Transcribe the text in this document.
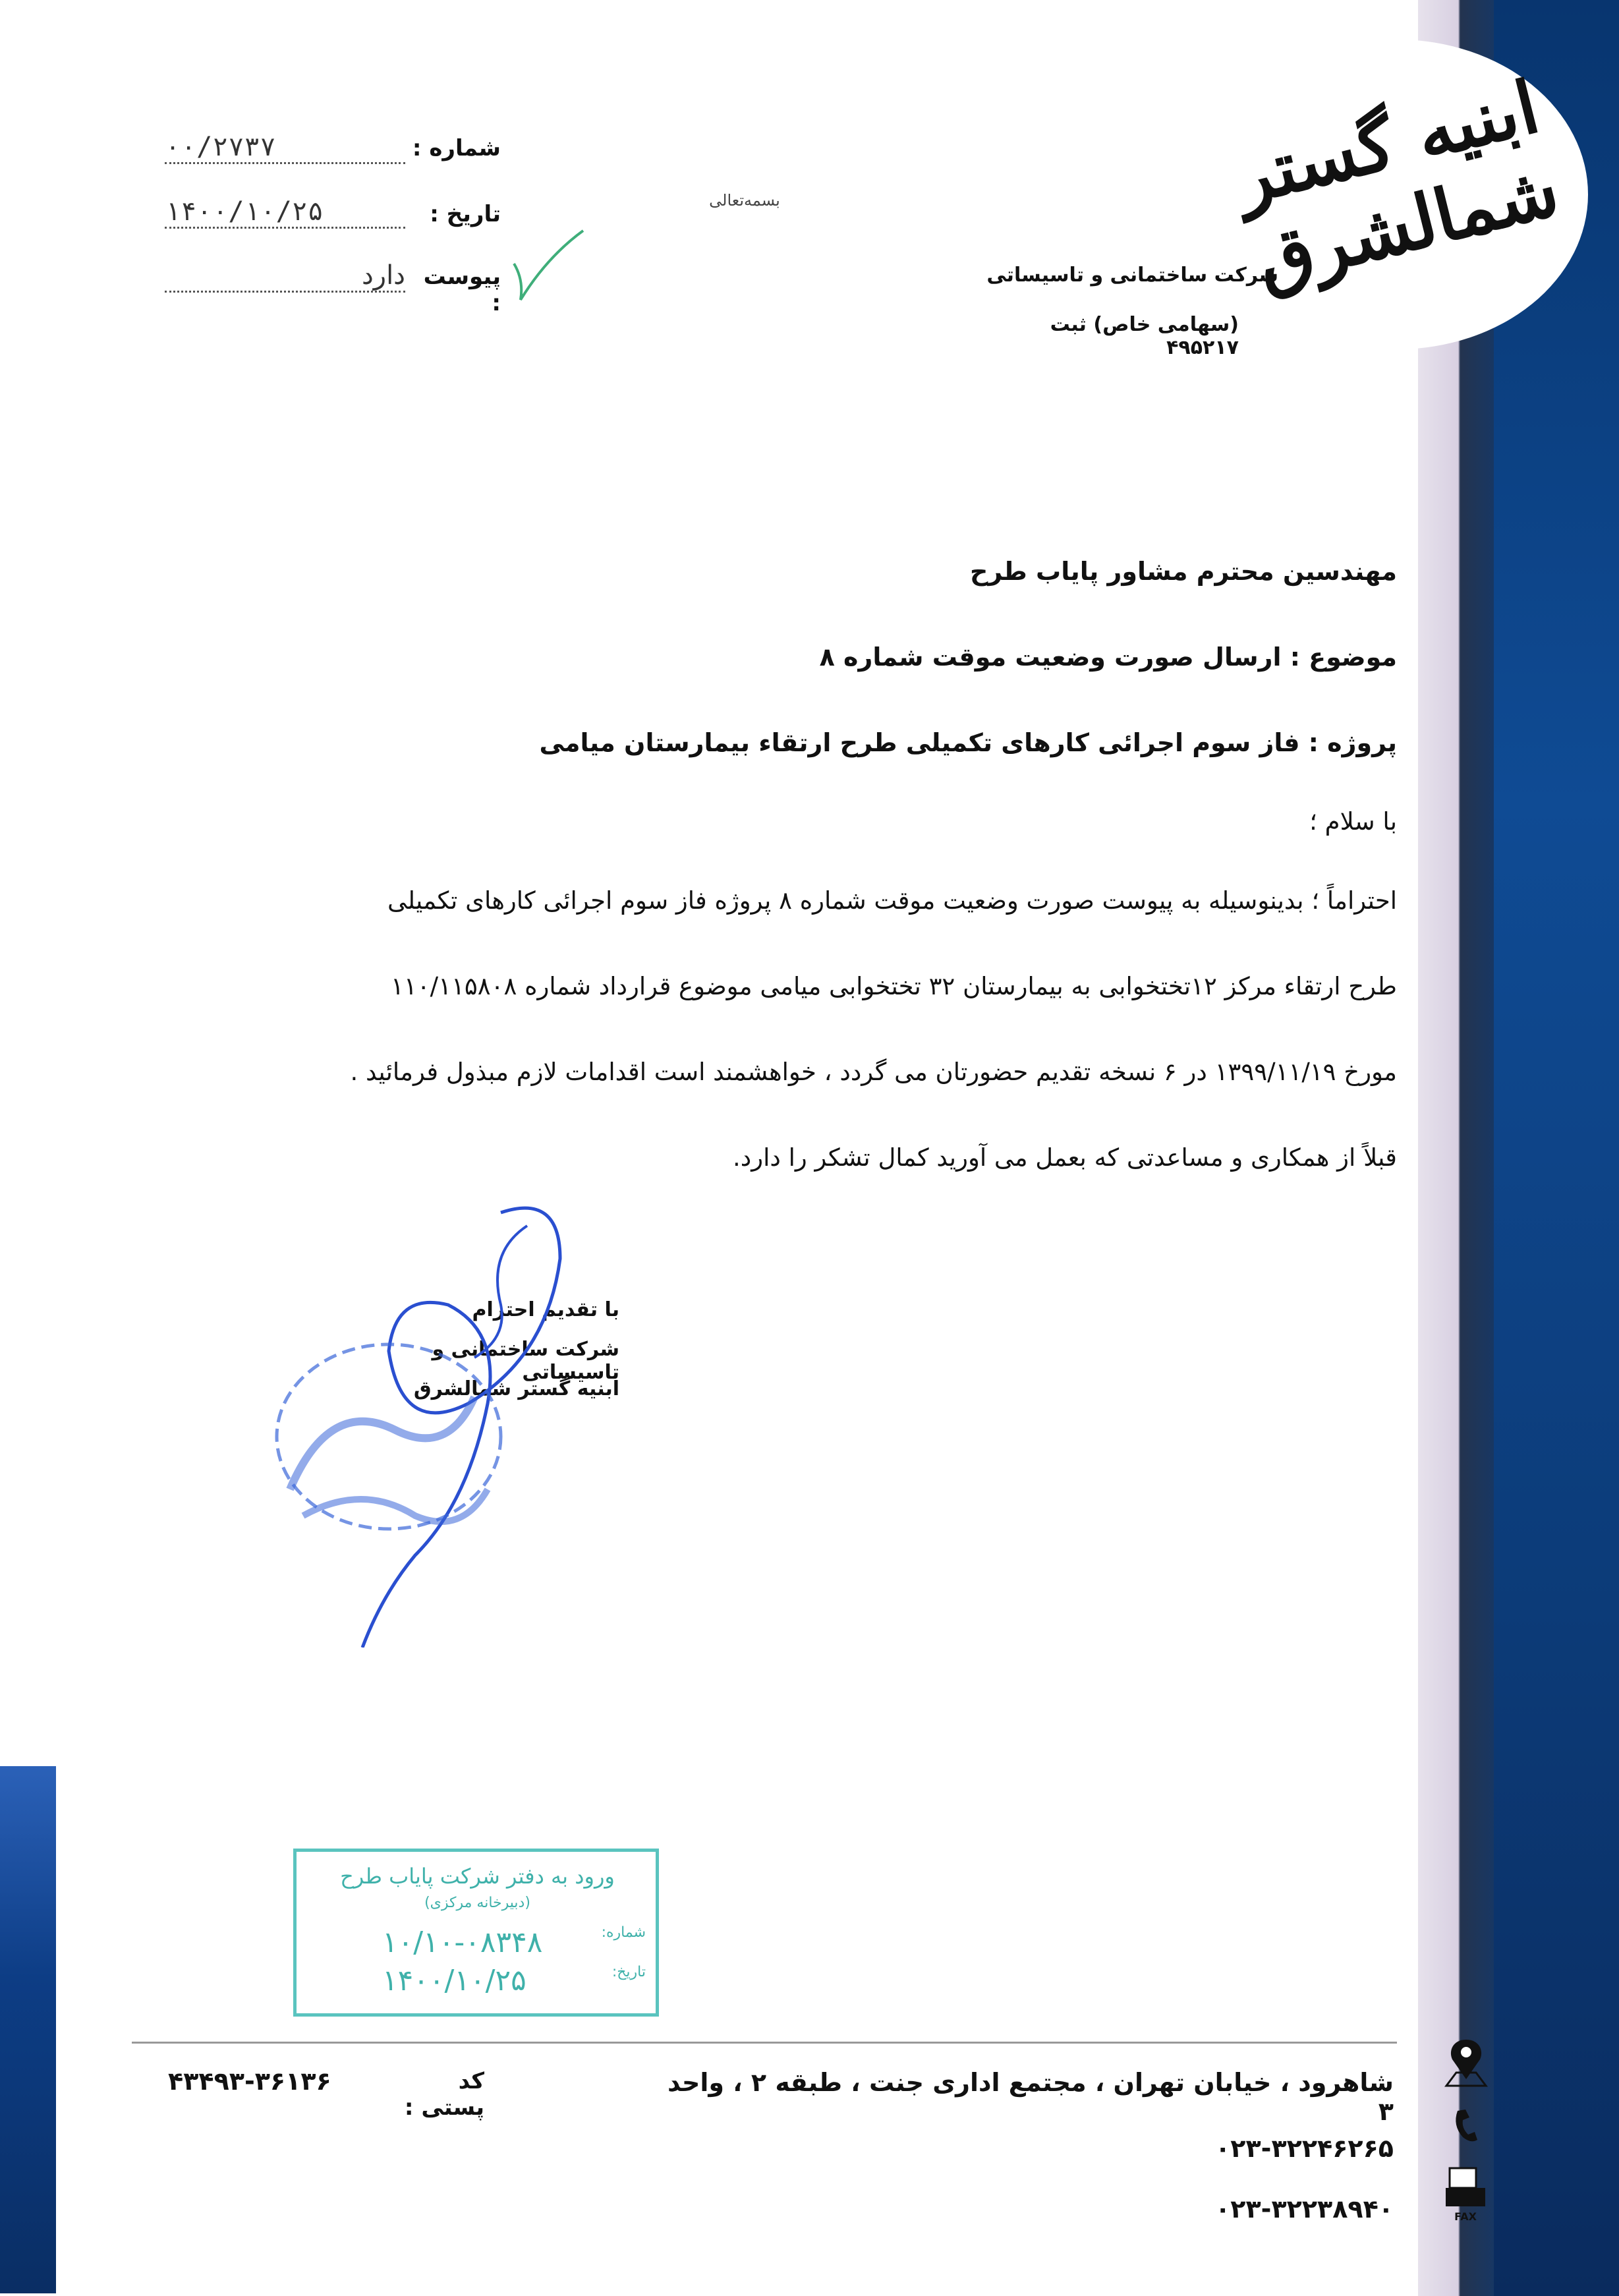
ابنیه گستر شمالشرق
شرکت ساختمانی و تاسیساتی
(سهامی خاص) ثبت ۴۹۵۲۱۷
شماره :
۰۰/۲۷۳۷
تاریخ :
۱۴۰۰/۱۰/۲۵
پیوست :
دارد
بسمه‌تعالی
مهندسین محترم مشاور پایاب طرح
موضوع : ارسال صورت وضعیت موقت شماره ۸
پروژه : فاز سوم اجرائی کارهای تکمیلی طرح ارتقاء بیمارستان میامی
با سلام ؛
احتراماً ؛ بدینوسیله به پیوست صورت وضعیت موقت شماره ۸ پروژه فاز سوم اجرائی کارهای تکمیلی
طرح ارتقاء مرکز ۱۲تختخوابی به بیمارستان ۳۲ تختخوابی میامی موضوع قرارداد شماره ۱۱۰/۱۱۵۸۰۸
مورخ ۱۳۹۹/۱۱/۱۹ در ۶ نسخه تقدیم حضورتان می گردد ، خواهشمند است اقدامات لازم مبذول فرمائید .
قبلاً از همکاری و مساعدتی که بعمل می آورید کمال تشکر را دارد.
با تقدیم احترام
شرکت ساختمانی و تاسیساتی
ابنیه گستر شمالشرق
ورود به دفتر شرکت پایاب طرح
(دبیرخانه مرکزی)
شماره:
۱۰/۱۰-۰۸۳۴۸
تاریخ:
۱۴۰۰/۱۰/۲۵
شاهرود ، خیابان تهران ، مجتمع اداری جنت ، طبقه ۲ ، واحد ۳
کد پستی :
۴۳۴۹۳-۳۶۱۳۶
۰۲۳-۳۲۲۴۶۲۶۵
۰۲۳-۳۲۲۳۸۹۴۰	FAX
